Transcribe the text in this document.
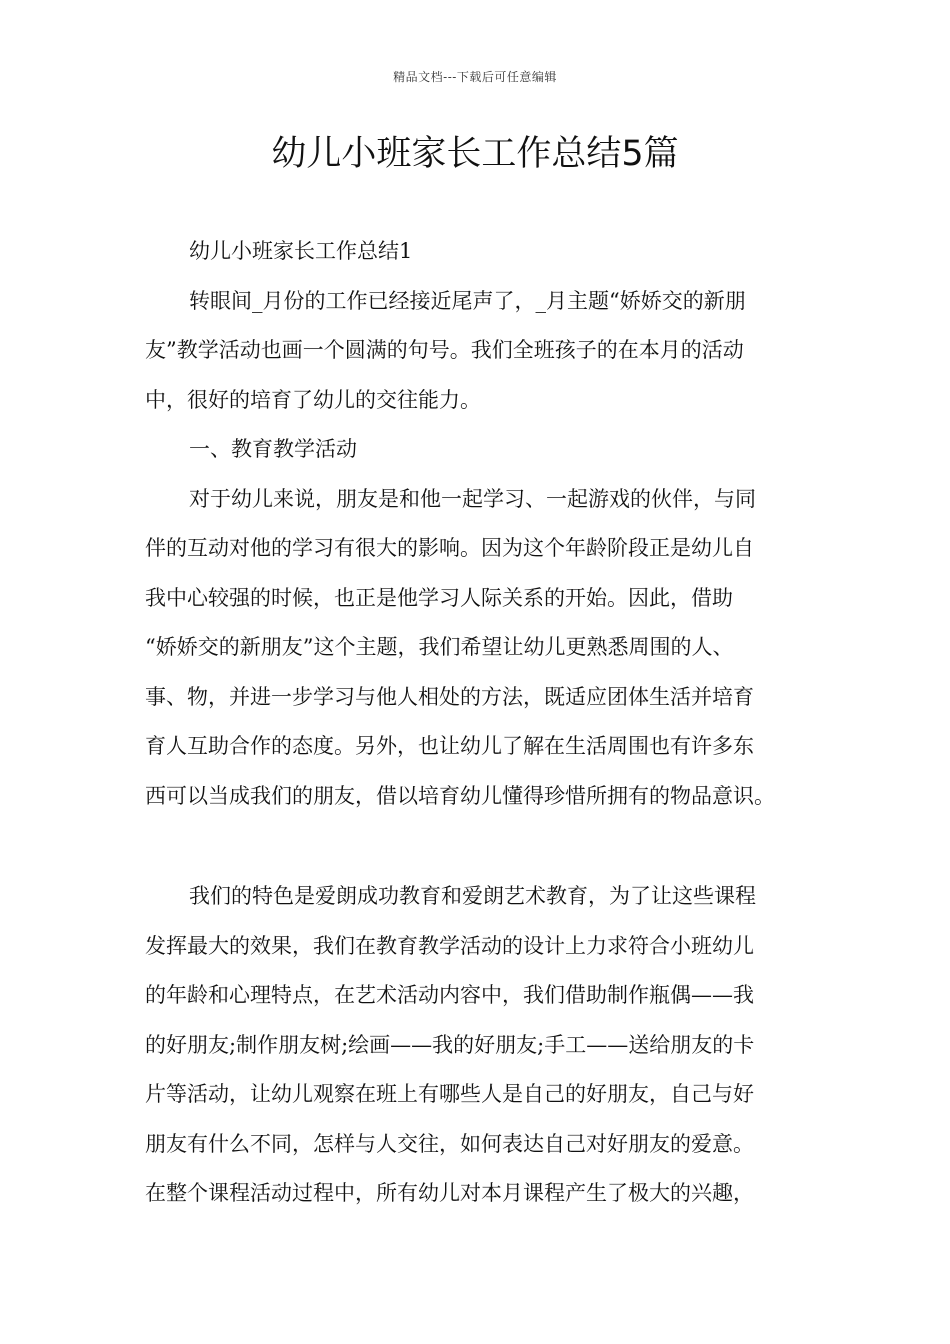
精品文档---下载后可任意编辑
幼儿小班家长工作总结5篇
幼儿小班家长工作总结1
转眼间_月份的工作已经接近尾声了，_月主题“娇娇交的新朋
友”教学活动也画一个圆满的句号。我们全班孩子的在本月的活动
中，很好的培育了幼儿的交往能力。
一、教育教学活动
对于幼儿来说，朋友是和他一起学习、一起游戏的伙伴，与同
伴的互动对他的学习有很大的影响。因为这个年龄阶段正是幼儿自
我中心较强的时候，也正是他学习人际关系的开始。因此，借助
“娇娇交的新朋友”这个主题，我们希望让幼儿更熟悉周围的人、
事、物，并进一步学习与他人相处的方法，既适应团体生活并培育
育人互助合作的态度。另外，也让幼儿了解在生活周围也有许多东
西可以当成我们的朋友，借以培育幼儿懂得珍惜所拥有的物品意识。
我们的特色是爱朗成功教育和爱朗艺术教育，为了让这些课程
发挥最大的效果，我们在教育教学活动的设计上力求符合小班幼儿
的年龄和心理特点，在艺术活动内容中，我们借助制作瓶偶——我
的好朋友;制作朋友树;绘画——我的好朋友;手工——送给朋友的卡
片等活动，让幼儿观察在班上有哪些人是自己的好朋友，自己与好
朋友有什么不同，怎样与人交往，如何表达自己对好朋友的爱意。
在整个课程活动过程中，所有幼儿对本月课程产生了极大的兴趣，
